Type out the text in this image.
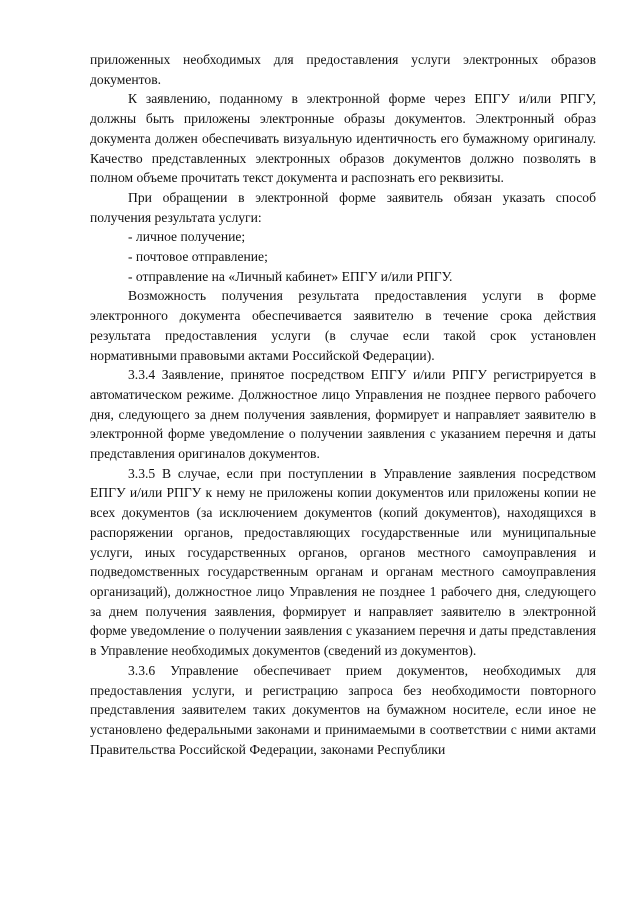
приложенных необходимых для предоставления услуги электронных образов документов.

К заявлению, поданному в электронной форме через ЕПГУ и/или РПГУ, должны быть приложены электронные образы документов. Электронный образ документа должен обеспечивать визуальную идентичность его бумажному оригиналу. Качество представленных электронных образов документов должно позволять в полном объеме прочитать текст документа и распознать его реквизиты.

При обращении в электронной форме заявитель обязан указать способ получения результата услуги:

- личное получение;

- почтовое отправление;

- отправление на «Личный кабинет» ЕПГУ и/или РПГУ.

Возможность получения результата предоставления услуги в форме электронного документа обеспечивается заявителю в течение срока действия результата предоставления услуги (в случае если такой срок установлен нормативными правовыми актами Российской Федерации).

3.3.4 Заявление, принятое посредством ЕПГУ и/или РПГУ регистрируется в автоматическом режиме. Должностное лицо Управления не позднее первого рабочего дня, следующего за днем получения заявления, формирует и направляет заявителю в электронной форме уведомление о получении заявления с указанием перечня и даты представления оригиналов документов.

3.3.5 В случае, если при поступлении в Управление заявления посредством ЕПГУ и/или РПГУ к нему не приложены копии документов или приложены копии не всех документов (за исключением документов (копий документов), находящихся в распоряжении органов, предоставляющих государственные или муниципальные услуги, иных государственных органов, органов местного самоуправления и подведомственных государственным органам и органам местного самоуправления организаций), должностное лицо Управления не позднее 1 рабочего дня, следующего за днем получения заявления, формирует и направляет заявителю в электронной форме уведомление о получении заявления с указанием перечня и даты представления в Управление необходимых документов (сведений из документов).

3.3.6 Управление обеспечивает прием документов, необходимых для предоставления услуги, и регистрацию запроса без необходимости повторного представления заявителем таких документов на бумажном носителе, если иное не установлено федеральными законами и принимаемыми в соответствии с ними актами Правительства Российской Федерации, законами Республики
